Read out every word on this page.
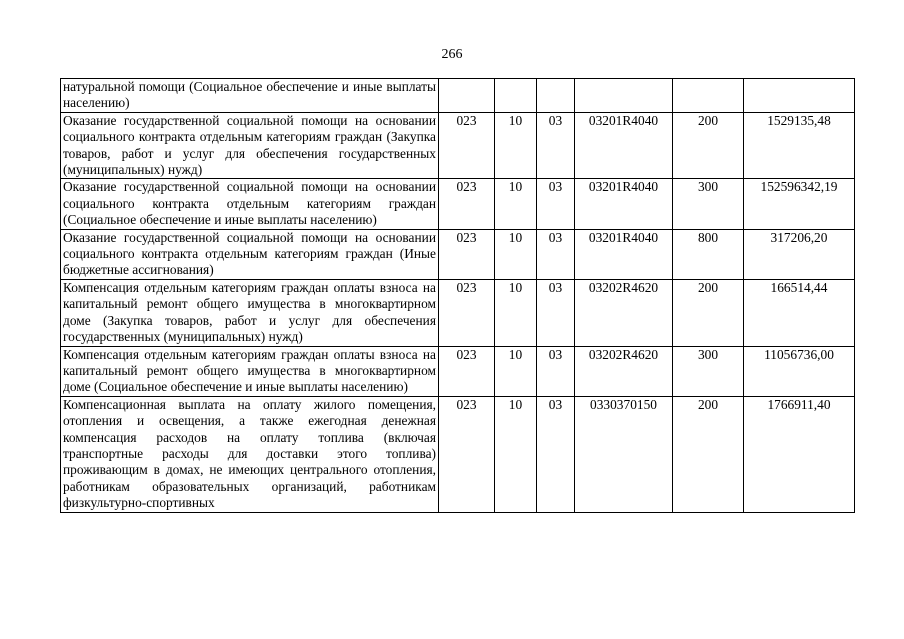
266
натуральной помощи (Социальное обеспечение и иные выплаты населению)						
Оказание государственной социальной помощи на основании социального контракта отдельным категориям граждан (Закупка товаров, работ и услуг для обеспечения государственных (муниципальных) нужд)	023	10	03	03201R4040	200	1529135,48
Оказание государственной социальной помощи на основании социального контракта отдельным категориям граждан (Социальное обеспечение и иные выплаты населению)	023	10	03	03201R4040	300	152596342,19
Оказание государственной социальной помощи на основании социального контракта отдельным категориям граждан (Иные бюджетные ассигнования)	023	10	03	03201R4040	800	317206,20
Компенсация отдельным категориям граждан оплаты взноса на капитальный ремонт общего имущества в многоквартирном доме (Закупка товаров, работ и услуг для обеспечения государственных (муниципальных) нужд)	023	10	03	03202R4620	200	166514,44
Компенсация отдельным категориям граждан оплаты взноса на капитальный ремонт общего имущества в многоквартирном доме (Социальное обеспечение и иные выплаты населению)	023	10	03	03202R4620	300	11056736,00
Компенсационная выплата на оплату жилого помещения, отопления и освещения, а также ежегодная денежная компенсация расходов на оплату топлива (включая транспортные расходы для доставки этого топлива) проживающим в домах, не имеющих центрального отопления, работникам образовательных организаций, работникам физкультурно-спортивных	023	10	03	0330370150	200	1766911,40
